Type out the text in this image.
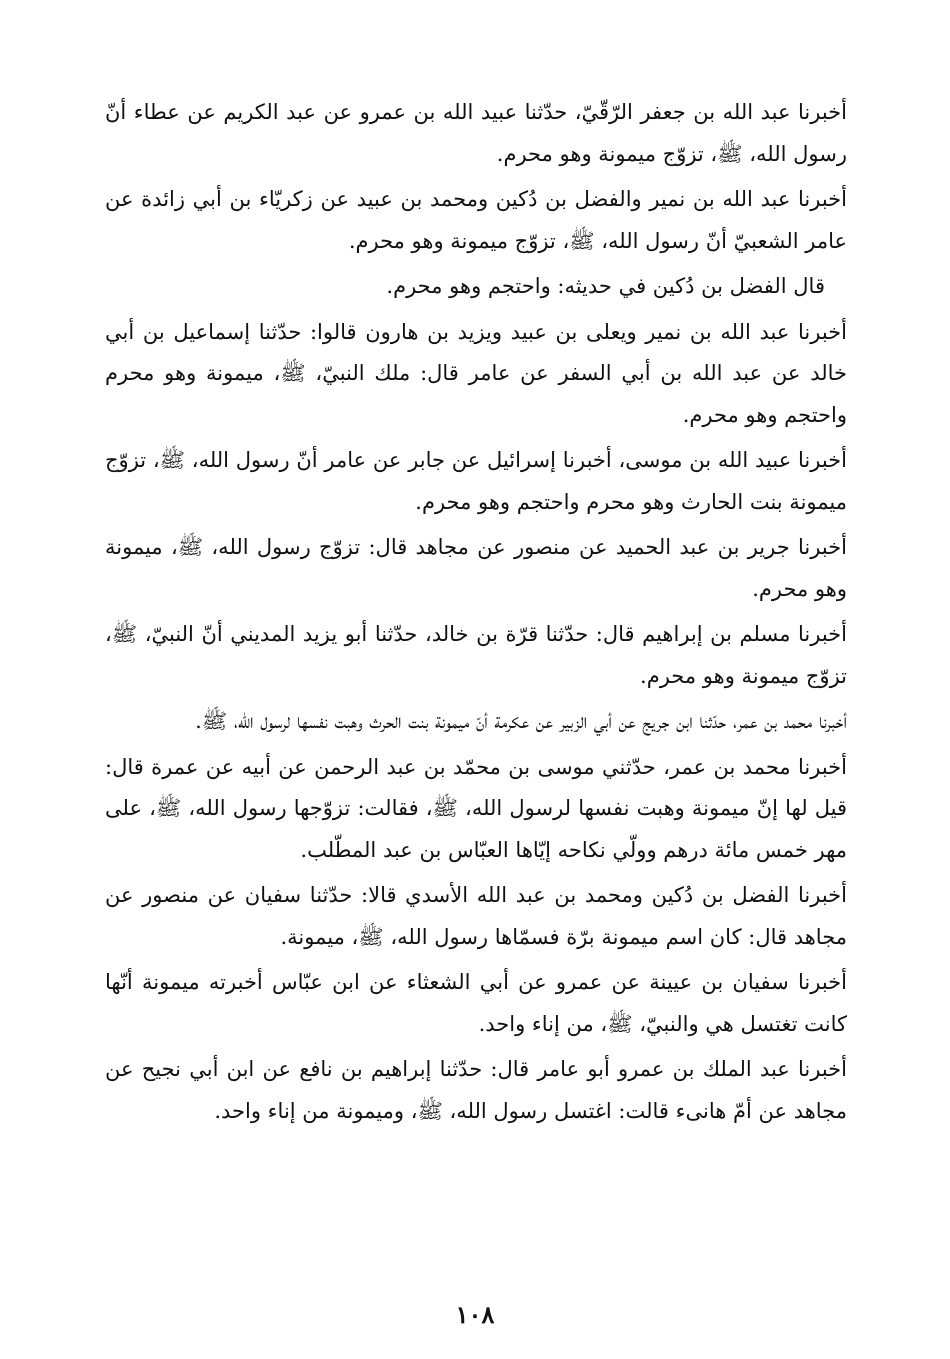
أخبرنا عبد الله بن جعفر الرّقّيّ، حدّثنا عبيد الله بن عمرو عن عبد الكريم عن عطاء أنّ رسول الله، ﷺ، تزوّج ميمونة وهو محرم.

أخبرنا عبد الله بن نمير والفضل بن دُكين ومحمد بن عبيد عن زكريّاء بن أبي زائدة عن عامر الشعبيّ أنّ رسول الله، ﷺ، تزوّج ميمونة وهو محرم.

قال الفضل بن دُكين في حديثه: واحتجم وهو محرم.

أخبرنا عبد الله بن نمير ويعلى بن عبيد ويزيد بن هارون قالوا: حدّثنا إسماعيل بن أبي خالد عن عبد الله بن أبي السفر عن عامر قال: ملك النبيّ، ﷺ، ميمونة وهو محرم واحتجم وهو محرم.

أخبرنا عبيد الله بن موسى، أخبرنا إسرائيل عن جابر عن عامر أنّ رسول الله، ﷺ، تزوّج ميمونة بنت الحارث وهو محرم واحتجم وهو محرم.

أخبرنا جرير بن عبد الحميد عن منصور عن مجاهد قال: تزوّج رسول الله، ﷺ، ميمونة وهو محرم.

أخبرنا مسلم بن إبراهيم قال: حدّثنا قرّة بن خالد، حدّثنا أبو يزيد المديني أنّ النبيّ، ﷺ، تزوّج ميمونة وهو محرم.

أخبرنا محمد بن عمر، حدّثنا ابن جريج عن أبي الزبير عن عكرمة أنّ ميمونة بنت الحرث وهبت نفسها لرسول الله، ﷺ.

أخبرنا محمد بن عمر، حدّثني موسى بن محمّد بن عبد الرحمن عن أبيه عن عمرة قال: قيل لها إنّ ميمونة وهبت نفسها لرسول الله، ﷺ، فقالت: تزوّجها رسول الله، ﷺ، على مهر خمس مائة درهم وولّي نكاحه إيّاها العبّاس بن عبد المطّلب.

أخبرنا الفضل بن دُكين ومحمد بن عبد الله الأسدي قالا: حدّثنا سفيان عن منصور عن مجاهد قال: كان اسم ميمونة برّة فسمّاها رسول الله، ﷺ، ميمونة.

أخبرنا سفيان بن عيينة عن عمرو عن أبي الشعثاء عن ابن عبّاس أخبرته ميمونة أنّها كانت تغتسل هي والنبيّ، ﷺ، من إناء واحد.

أخبرنا عبد الملك بن عمرو أبو عامر قال: حدّثنا إبراهيم بن نافع عن ابن أبي نجيح عن مجاهد عن أمّ هانىء قالت: اغتسل رسول الله، ﷺ، وميمونة من إناء واحد.

١٠٨
